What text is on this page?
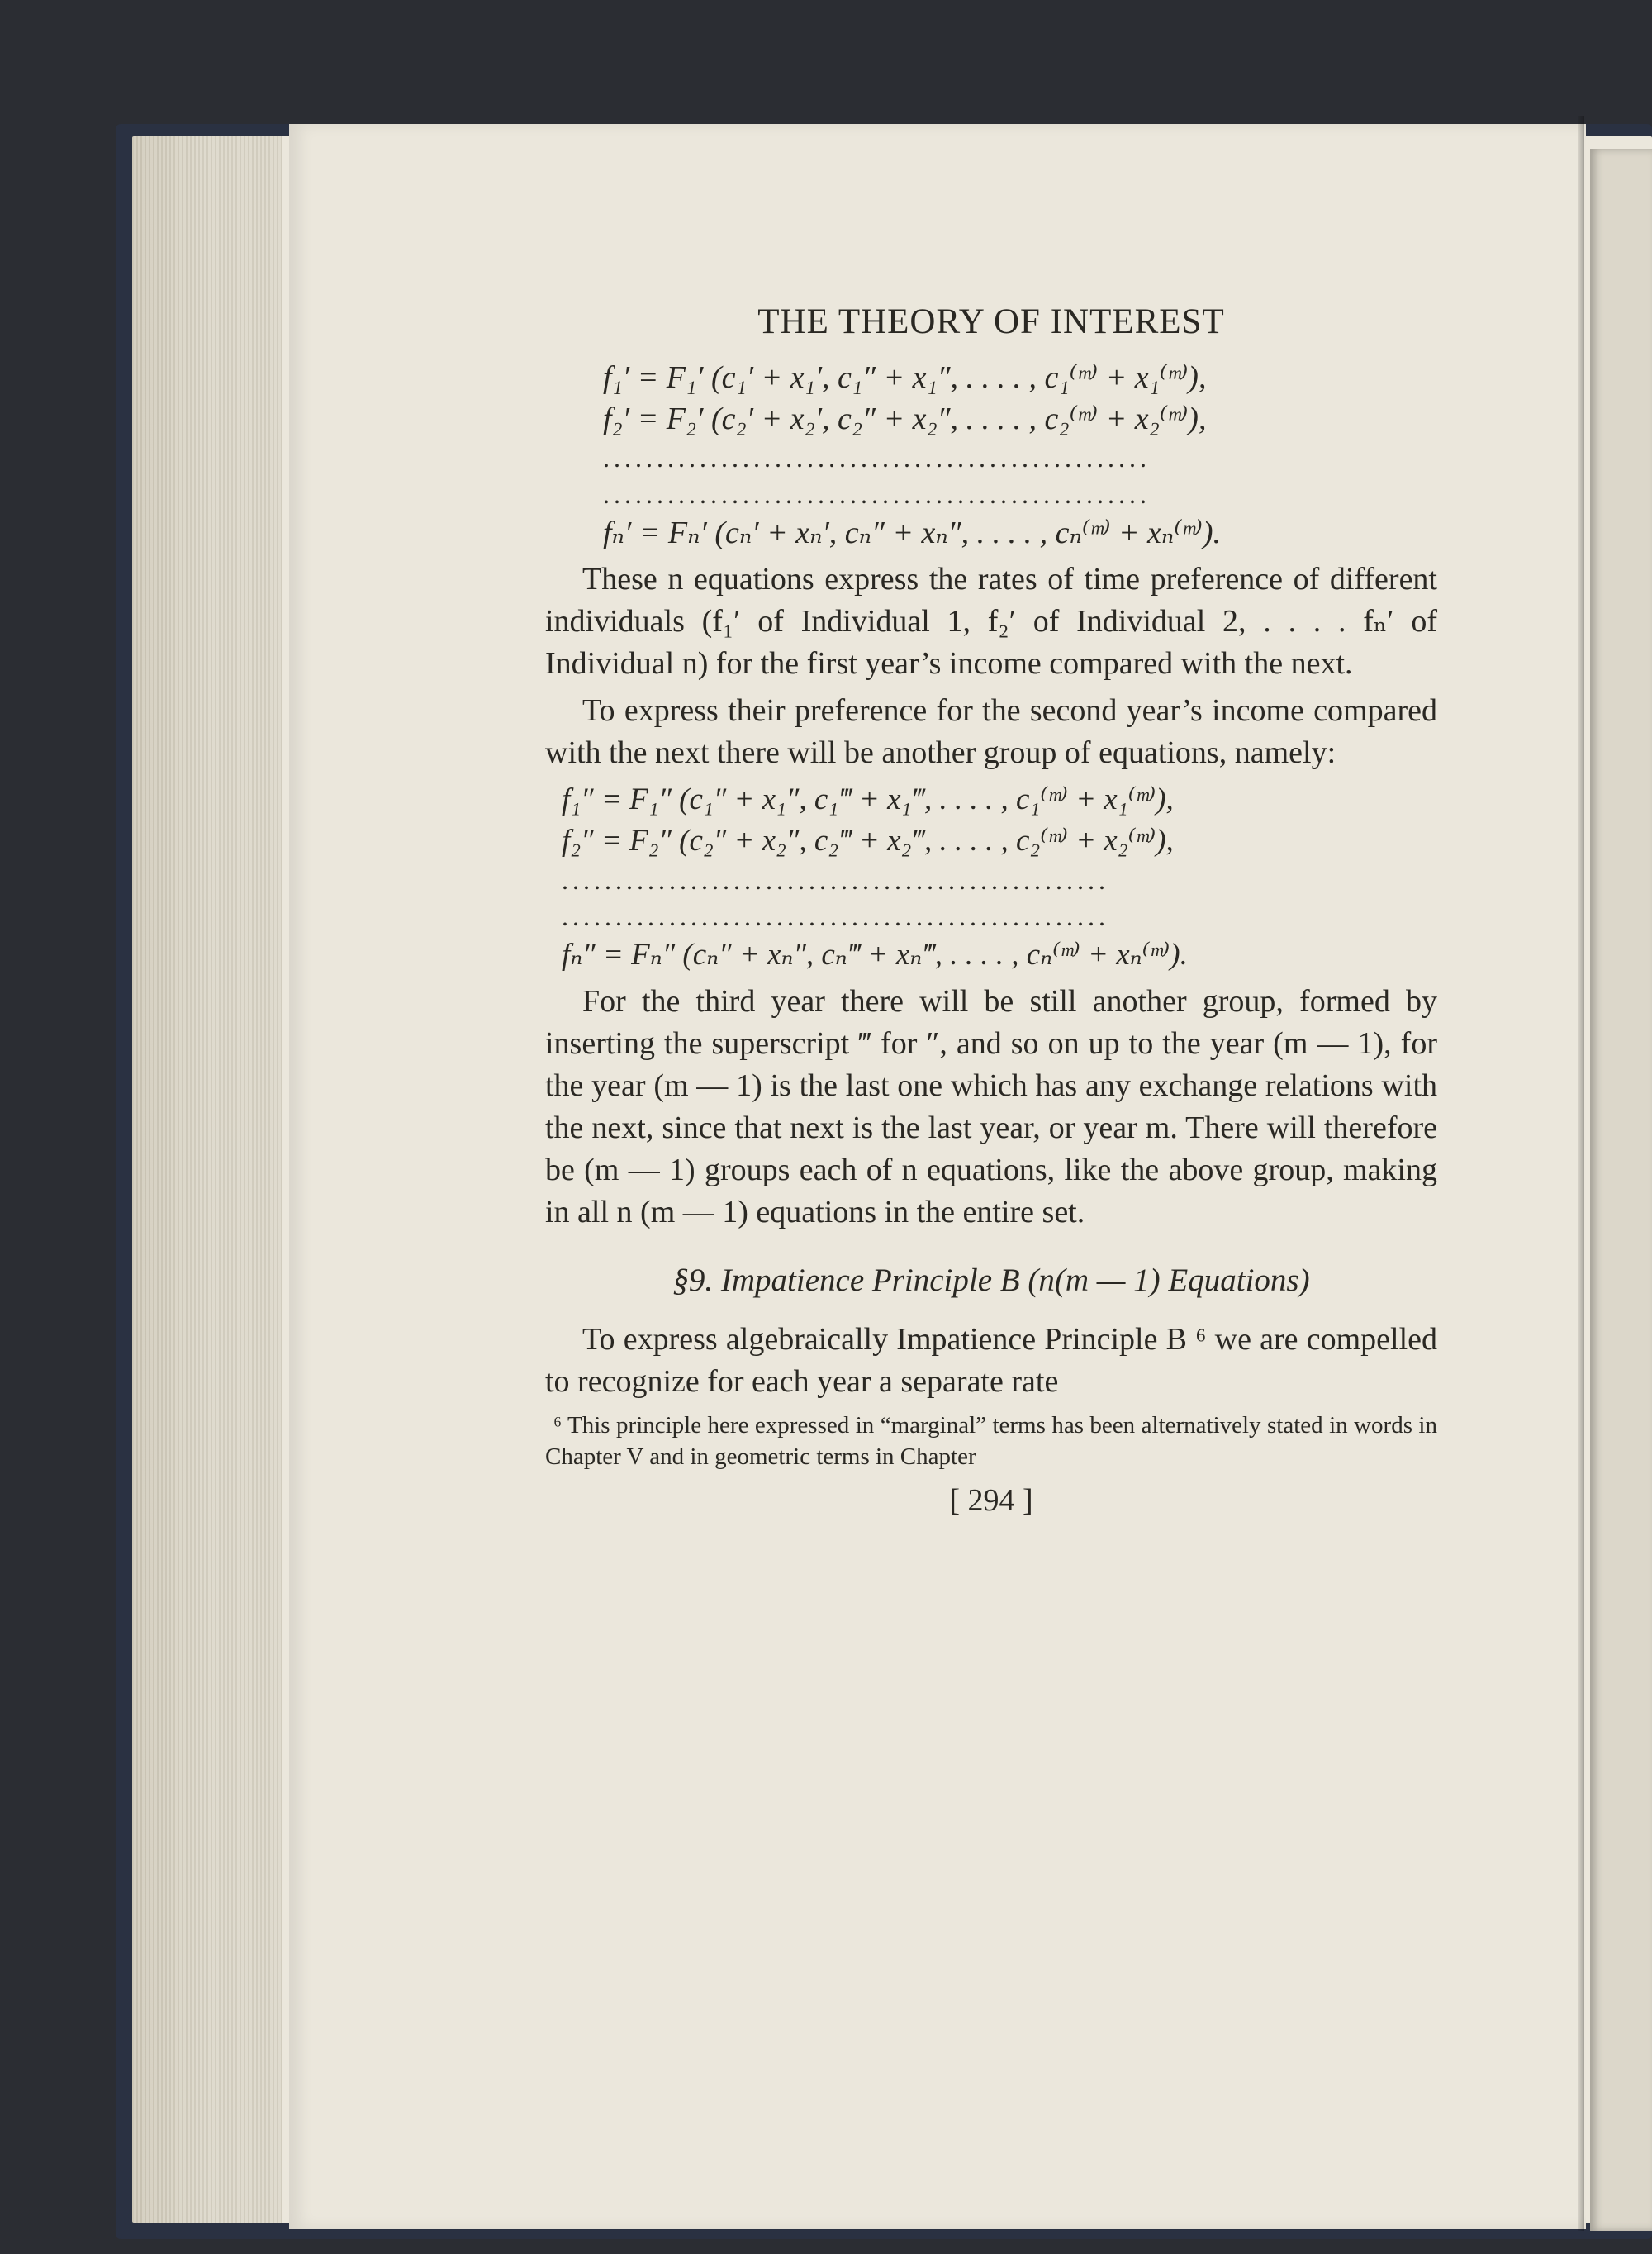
THE THEORY OF INTEREST
f₁′ = F₁′ (c₁′ + x₁′, c₁″ + x₁″, . . . . , c₁⁽ᵐ⁾ + x₁⁽ᵐ⁾),
f₂′ = F₂′ (c₂′ + x₂′, c₂″ + x₂″, . . . . , c₂⁽ᵐ⁾ + x₂⁽ᵐ⁾),
...................................................
...................................................
fₙ′ = Fₙ′ (cₙ′ + xₙ′, cₙ″ + xₙ″, . . . . , cₙ⁽ᵐ⁾ + xₙ⁽ᵐ⁾).
These n equations express the rates of time preference of different individuals (f₁′ of Individual 1, f₂′ of Individual 2, . . . . fₙ′ of Individual n) for the first year’s income compared with the next.
To express their preference for the second year’s income compared with the next there will be another group of equations, namely:
f₁″ = F₁″ (c₁″ + x₁″, c₁‴ + x₁‴, . . . . , c₁⁽ᵐ⁾ + x₁⁽ᵐ⁾),
f₂″ = F₂″ (c₂″ + x₂″, c₂‴ + x₂‴, . . . . , c₂⁽ᵐ⁾ + x₂⁽ᵐ⁾),
...................................................
...................................................
fₙ″ = Fₙ″ (cₙ″ + xₙ″, cₙ‴ + xₙ‴, . . . . , cₙ⁽ᵐ⁾ + xₙ⁽ᵐ⁾).
For the third year there will be still another group, formed by inserting the superscript ‴ for ″, and so on up to the year (m — 1), for the year (m — 1) is the last one which has any exchange relations with the next, since that next is the last year, or year m. There will therefore be (m — 1) groups each of n equations, like the above group, making in all n (m — 1) equations in the entire set.
§9. Impatience Principle B (n(m — 1) Equations)
To express algebraically Impatience Principle B ⁶ we are compelled to recognize for each year a separate rate
⁶ This principle here expressed in “marginal” terms has been alternatively stated in words in Chapter V and in geometric terms in Chapter
[ 294 ]
